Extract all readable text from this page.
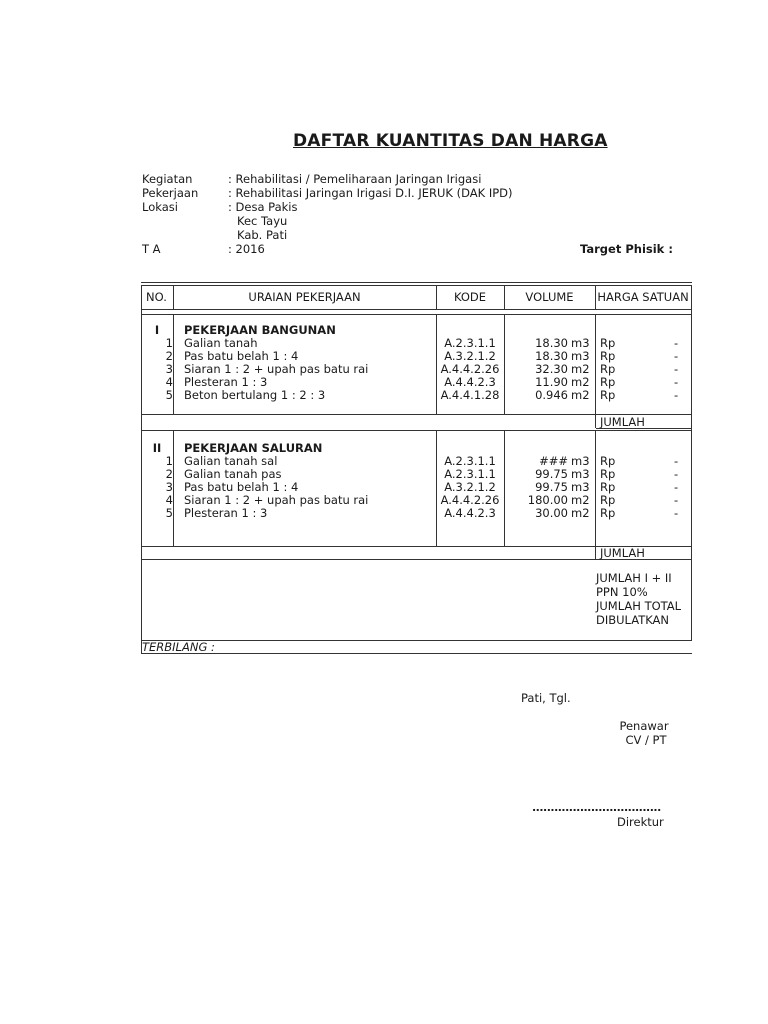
DAFTAR KUANTITAS DAN HARGA
Kegiatan	: Rehabilitasi / Pemeliharaan Jaringan Irigasi
Pekerjaan	: Rehabilitasi Jaringan Irigasi D.I. JERUK (DAK IPD)
Lokasi	: Desa Pakis
Kec Tayu
Kab. Pati
T A	: 2016	Target Phisik :
NO.	URAIAN PEKERJAAN	KODE	VOLUME	HARGA SATUAN
I	PEKERJAAN BANGUNAN
1 Galian tanah	A.2.3.1.1	18.30 m3 Rp	-
2 Pas batu belah 1 : 4	A.3.2.1.2	18.30 m3 Rp	-
3 Siaran 1 : 2 + upah pas batu rai	A.4.4.2.26	32.30 m2 Rp	-
4 Plesteran 1 : 3	A.4.4.2.3	11.90 m2 Rp	-
5 Beton bertulang 1 : 2 : 3	A.4.4.1.28	0.946 m2 Rp	-
JUMLAH
II	PEKERJAAN SALURAN
1 Galian tanah sal	A.2.3.1.1	### m3 Rp	-
2 Galian tanah pas	A.2.3.1.1	99.75 m3 Rp	-
3 Pas batu belah 1 : 4	A.3.2.1.2	99.75 m3 Rp	-
4 Siaran 1 : 2 + upah pas batu rai	A.4.4.2.26	180.00 m2 Rp	-
5 Plesteran 1 : 3	A.4.4.2.3	30.00 m2 Rp	-
JUMLAH
JUMLAH I + II
PPN 10%
JUMLAH TOTAL
DIBULATKAN
TERBILANG :
Pati, Tgl.
Penawar
CV / PT
...................................
Direktur
